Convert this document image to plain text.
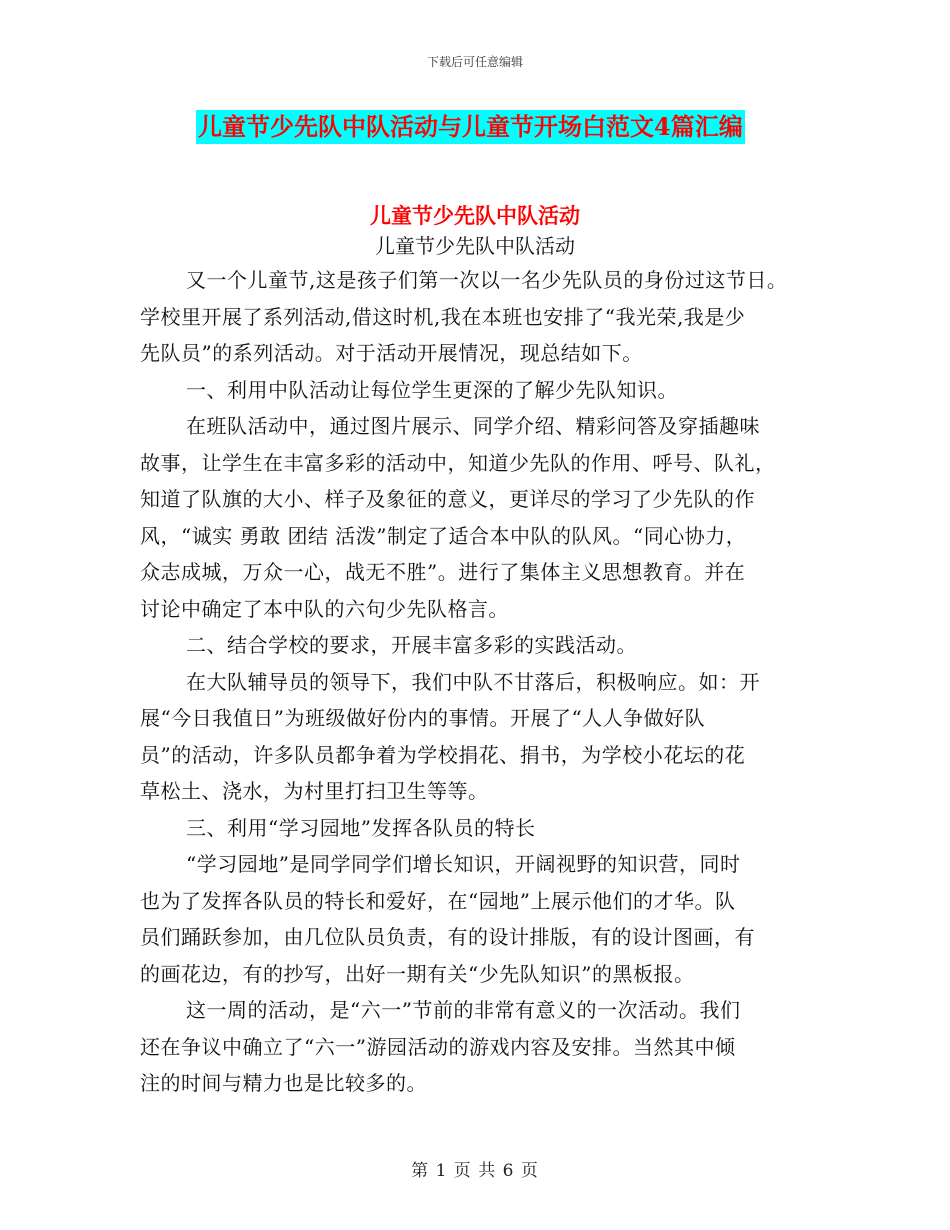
下载后可任意编辑
儿童节少先队中队活动与儿童节开场白范文4篇汇编
儿童节少先队中队活动
儿童节少先队中队活动
又一个儿童节,这是孩子们第一次以一名少先队员的身份过这节日。
学校里开展了系列活动,借这时机,我在本班也安排了“我光荣,我是少
先队员”的系列活动。对于活动开展情况，现总结如下。
一、利用中队活动让每位学生更深的了解少先队知识。
在班队活动中，通过图片展示、同学介绍、精彩问答及穿插趣味
故事，让学生在丰富多彩的活动中，知道少先队的作用、呼号、队礼，
知道了队旗的大小、样子及象征的意义，更详尽的学习了少先队的作
风，“诚实 勇敢 团结 活泼”制定了适合本中队的队风。“同心协力，
众志成城，万众一心，战无不胜”。进行了集体主义思想教育。并在
讨论中确定了本中队的六句少先队格言。
二、结合学校的要求，开展丰富多彩的实践活动。
在大队辅导员的领导下，我们中队不甘落后，积极响应。如：开
展“今日我值日”为班级做好份内的事情。开展了“人人争做好队
员”的活动，许多队员都争着为学校捐花、捐书，为学校小花坛的花
草松土、浇水，为村里打扫卫生等等。
三、利用“学习园地”发挥各队员的特长
“学习园地”是同学同学们增长知识，开阔视野的知识营，同时
也为了发挥各队员的特长和爱好，在“园地”上展示他们的才华。队
员们踊跃参加，由几位队员负责，有的设计排版，有的设计图画，有
的画花边，有的抄写，出好一期有关“少先队知识”的黑板报。
这一周的活动，是“六一”节前的非常有意义的一次活动。我们
还在争议中确立了“六一”游园活动的游戏内容及安排。当然其中倾
注的时间与精力也是比较多的。
第 1 页 共 6 页
